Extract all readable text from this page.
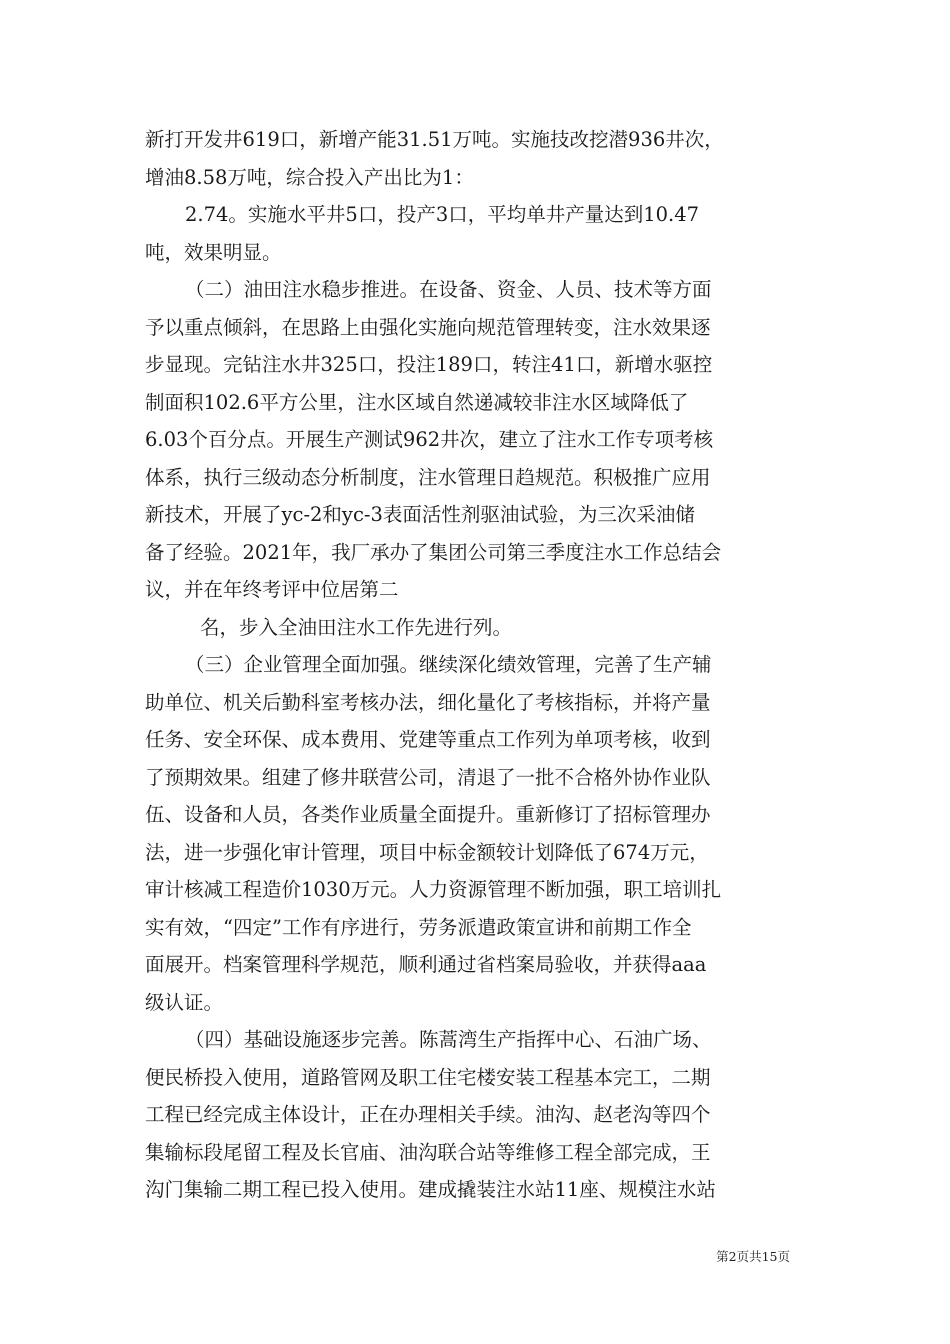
新打开发井619口，新增产能31.51万吨。实施技改挖潜936井次，
增油8.58万吨，综合投入产出比为1：
2.74。实施水平井5口，投产3口，平均单井产量达到10.47
吨，效果明显。
（二）油田注水稳步推进。在设备、资金、人员、技术等方面
予以重点倾斜，在思路上由强化实施向规范管理转变，注水效果逐
步显现。完钻注水井325口，投注189口，转注41口，新增水驱控
制面积102.6平方公里，注水区域自然递减较非注水区域降低了
6.03个百分点。开展生产测试962井次，建立了注水工作专项考核
体系，执行三级动态分析制度，注水管理日趋规范。积极推广应用
新技术，开展了yc-2和yc-3表面活性剂驱油试验，为三次采油储
备了经验。2021年，我厂承办了集团公司第三季度注水工作总结会
议，并在年终考评中位居第二
名，步入全油田注水工作先进行列。
（三）企业管理全面加强。继续深化绩效管理，完善了生产辅
助单位、机关后勤科室考核办法，细化量化了考核指标，并将产量
任务、安全环保、成本费用、党建等重点工作列为单项考核，收到
了预期效果。组建了修井联营公司，清退了一批不合格外协作业队
伍、设备和人员，各类作业质量全面提升。重新修订了招标管理办
法，进一步强化审计管理，项目中标金额较计划降低了674万元，
审计核减工程造价1030万元。人力资源管理不断加强，职工培训扎
实有效，“四定”工作有序进行，劳务派遣政策宣讲和前期工作全
面展开。档案管理科学规范，顺利通过省档案局验收，并获得aaa
级认证。
（四）基础设施逐步完善。陈蒿湾生产指挥中心、石油广场、
便民桥投入使用，道路管网及职工住宅楼安装工程基本完工，二期
工程已经完成主体设计，正在办理相关手续。油沟、赵老沟等四个
集输标段尾留工程及长官庙、油沟联合站等维修工程全部完成，王
沟门集输二期工程已投入使用。建成撬装注水站11座、规模注水站
第2页共15页
